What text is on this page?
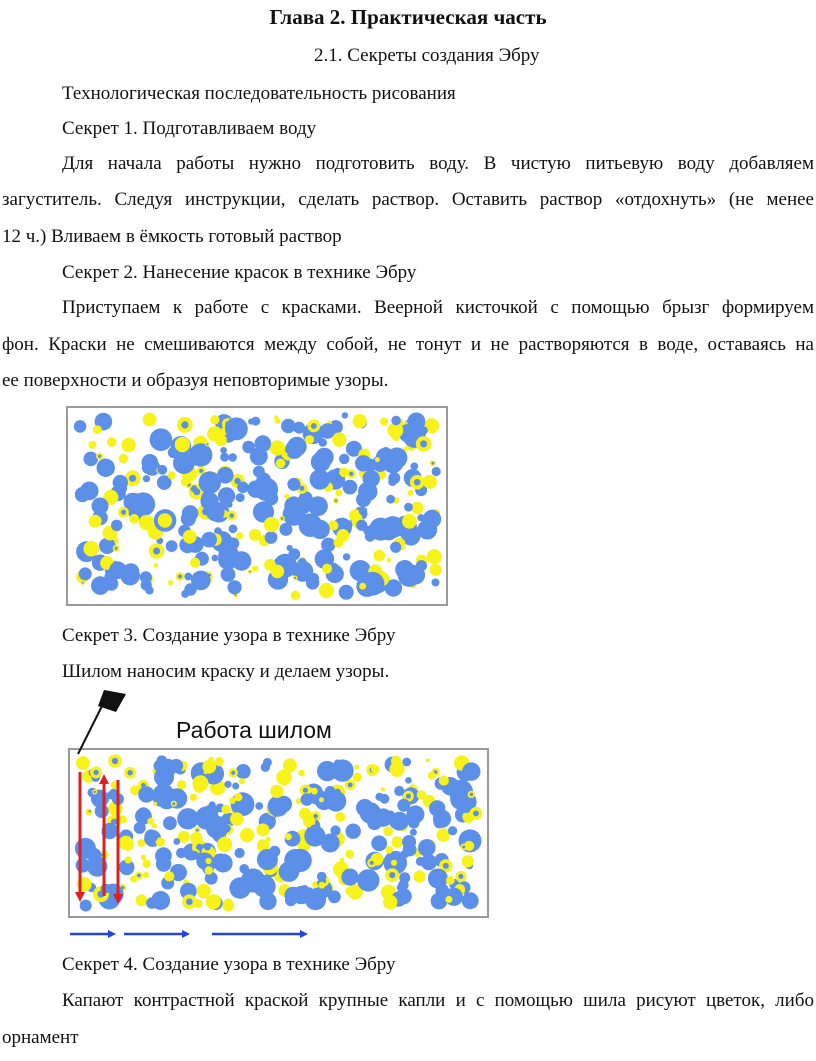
Глава 2. Практическая часть
2.1. Секреты создания Эбру
Технологическая последовательность рисования
Секрет 1. Подготавливаем воду
Для начала работы нужно подготовить воду. В чистую питьевую воду добавляем
загуститель. Следуя инструкции, сделать раствор. Оставить раствор «отдохнуть» (не менее
12 ч.) Вливаем в ёмкость готовый раствор
Секрет 2. Нанесение красок в технике Эбру
Приступаем к работе с красками. Веерной кисточкой с помощью брызг формируем
фон. Краски не смешиваются между собой, не тонут и не растворяются в воде, оставаясь на
ее поверхности и образуя неповторимые узоры.
Секрет 3. Создание узора в технике Эбру
Шилом наносим краску и делаем узоры.
Работа шилом
Секрет 4. Создание узора в технике Эбру
Капают контрастной краской крупные капли и с помощью шила рисуют цветок, либо
орнамент
